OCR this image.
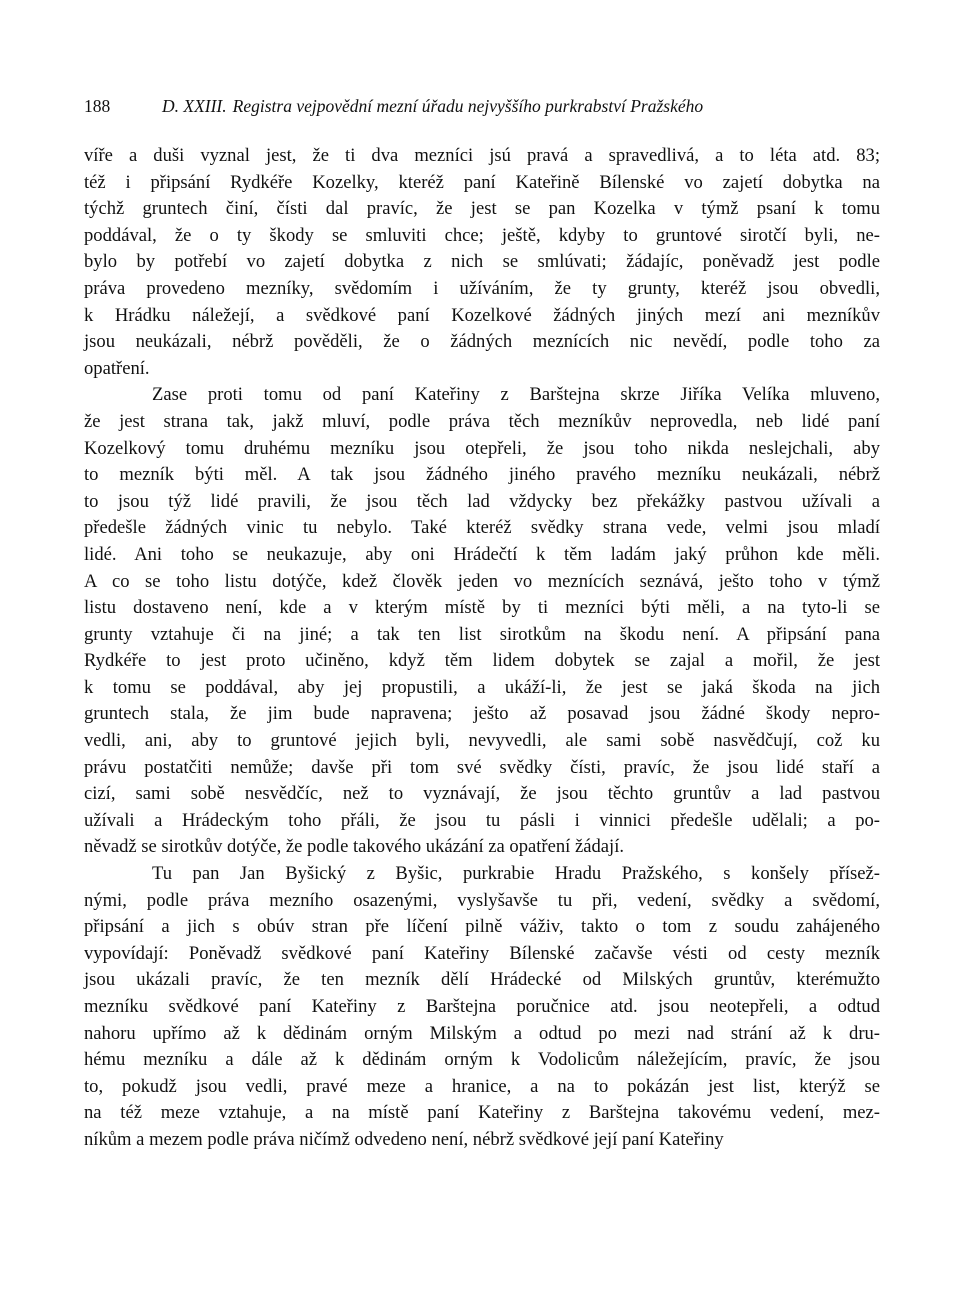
188	D. XXIII. Registra vejpovědní mezní úřadu nejvyššího purkrabství Pražského
víře a duši vyznal jest, že ti dva mezníci jsú pravá a spravedlivá, a to léta atd. 83;
též i připsání Rydkéře Kozelky, kteréž paní Kateřině Bílenské vo zajetí dobytka na
týchž gruntech činí, čísti dal pravíc, že jest se pan Kozelka v týmž psaní k tomu
poddával, že o ty škody se smluviti chce; ještě, kdyby to gruntové sirotčí byli, ne-
bylo by potřebí vo zajetí dobytka z nich se smlúvati; žádajíc, poněvadž jest podle
práva provedeno mezníky, svědomím i užíváním, že ty grunty, kteréž jsou obvedli,
k Hrádku náležejí, a svědkové paní Kozelkové žádných jiných mezí ani mezníkův
jsou neukázali, nébrž pověděli, že o žádných meznících nic nevědí, podle toho za
opatření.
Zase proti tomu od paní Kateřiny z Barštejna skrze Jiříka Velíka mluveno,
že jest strana tak, jakž mluví, podle práva těch mezníkův neprovedla, neb lidé paní
Kozelkový tomu druhému mezníku jsou otepřeli, že jsou toho nikda neslejchali, aby
to mezník býti měl. A tak jsou žádného jiného pravého mezníku neukázali, nébrž
to jsou týž lidé pravili, že jsou těch lad vždycky bez překážky pastvou užívali a
předešle žádných vinic tu nebylo. Také kteréž svědky strana vede, velmi jsou mladí
lidé. Ani toho se neukazuje, aby oni Hrádečtí k těm ladám jaký průhon kde měli.
A co se toho listu dotýče, kdež člověk jeden vo meznících seznává, ješto toho v týmž
listu dostaveno není, kde a v kterým místě by ti mezníci býti měli, a na tyto-li se
grunty vztahuje či na jiné; a tak ten list sirotkům na škodu není. A připsání pana
Rydkéře to jest proto učiněno, když těm lidem dobytek se zajal a mořil, že jest
k tomu se poddával, aby jej propustili, a ukáží-li, že jest se jaká škoda na jich
gruntech stala, že jim bude napravena; ješto až posavad jsou žádné škody nepro-
vedli, ani, aby to gruntové jejich byli, nevyvedli, ale sami sobě nasvědčují, což ku
právu postatčiti nemůže; davše při tom své svědky čísti, pravíc, že jsou lidé staří a
cizí, sami sobě nesvědčíc, než to vyznávají, že jsou těchto gruntův a lad pastvou
užívali a Hrádeckým toho přáli, že jsou tu pásli i vinnici předešle udělali; a po-
něvadž se sirotkův dotýče, že podle takového ukázání za opatření žádají.
Tu pan Jan Byšický z Byšic, purkrabie Hradu Pražského, s konšely přísež-
nými, podle práva mezního osazenými, vyslyšavše tu při, vedení, svědky a svědomí,
připsání a jich s obúv stran pře líčení pilně váživ, takto o tom z soudu zahájeného
vypovídají: Poněvadž svědkové paní Kateřiny Bílenské začavše vésti od cesty mezník
jsou ukázali pravíc, že ten mezník dělí Hrádecké od Milských gruntův, kterémužto
mezníku svědkové paní Kateřiny z Barštejna poručnice atd. jsou neotepřeli, a odtud
nahoru upřímo až k dědinám orným Milským a odtud po mezi nad strání až k dru-
hému mezníku a dále až k dědinám orným k Vodolicům náležejícím, pravíc, že jsou
to, pokudž jsou vedli, pravé meze a hranice, a na to pokázán jest list, kterýž se
na též meze vztahuje, a na místě paní Kateřiny z Barštejna takovému vedení, mez-
níkům a mezem podle práva ničímž odvedeno není, nébrž svědkové její paní Kateřiny
